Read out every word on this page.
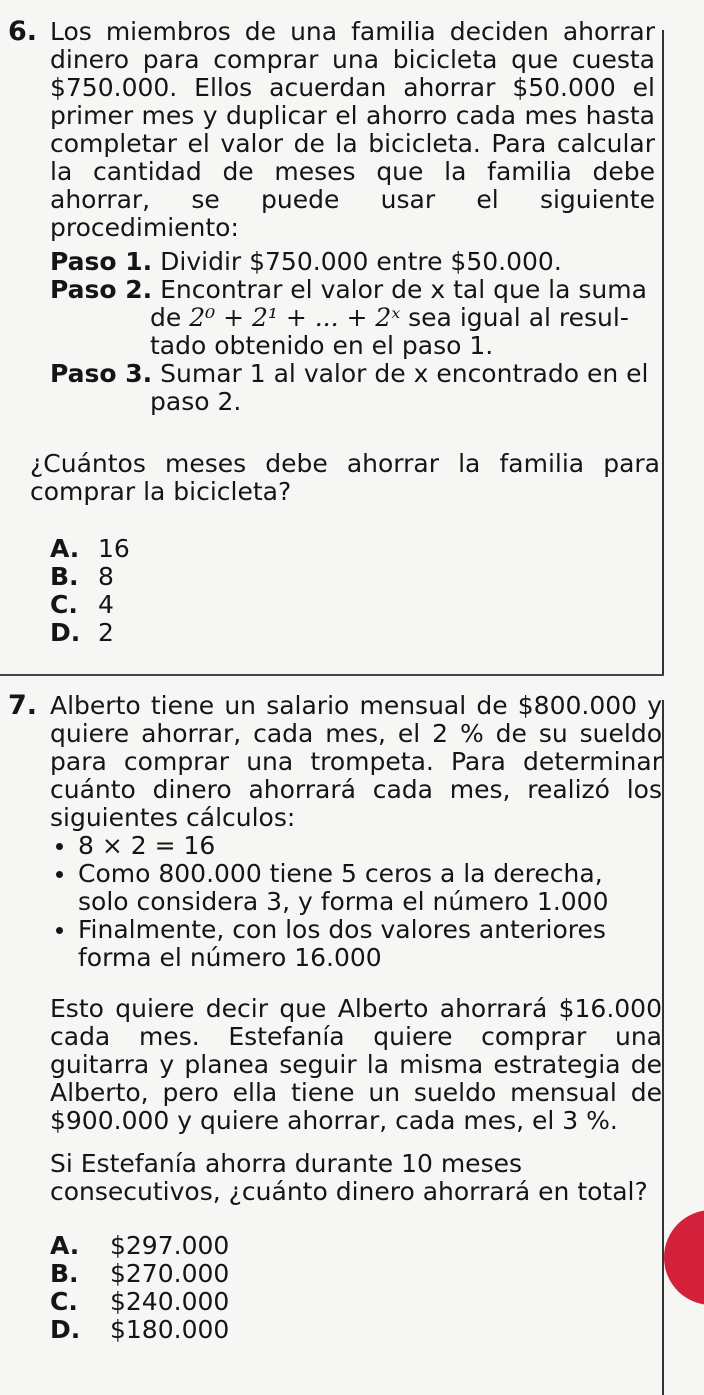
6. Los miembros de una familia deciden ahorrar dinero para comprar una bicicleta que cuesta $750.000. Ellos acuerdan ahorrar $50.000 el primer mes y duplicar el ahorro cada mes hasta completar el valor de la bicicleta. Para calcular la cantidad de meses que la familia debe ahorrar, se puede usar el siguiente procedimiento:
Paso 1. Dividir $750.000 entre $50.000.
Paso 2. Encontrar el valor de x tal que la suma
de 2⁰ + 2¹ + ... + 2ˣ sea igual al resul-
tado obtenido en el paso 1.
Paso 3. Sumar 1 al valor de x encontrado en el
paso 2.
¿Cuántos meses debe ahorrar la familia para comprar la bicicleta?
A. 16
B. 8
C. 4
D. 2
7. Alberto tiene un salario mensual de $800.000 y quiere ahorrar, cada mes, el 2 % de su sueldo para comprar una trompeta. Para determinar cuánto dinero ahorrará cada mes, realizó los siguientes cálculos:
8 × 2 = 16
Como 800.000 tiene 5 ceros a la derecha, solo considera 3, y forma el número 1.000
Finalmente, con los dos valores anteriores forma el número 16.000
Esto quiere decir que Alberto ahorrará $16.000 cada mes. Estefanía quiere comprar una guitarra y planea seguir la misma estrategia de Alberto, pero ella tiene un sueldo mensual de $900.000 y quiere ahorrar, cada mes, el 3 %.
Si Estefanía ahorra durante 10 meses consecutivos, ¿cuánto dinero ahorrará en total?
A.	$297.000
B.	$270.000
C.	$240.000
D.	$180.000
